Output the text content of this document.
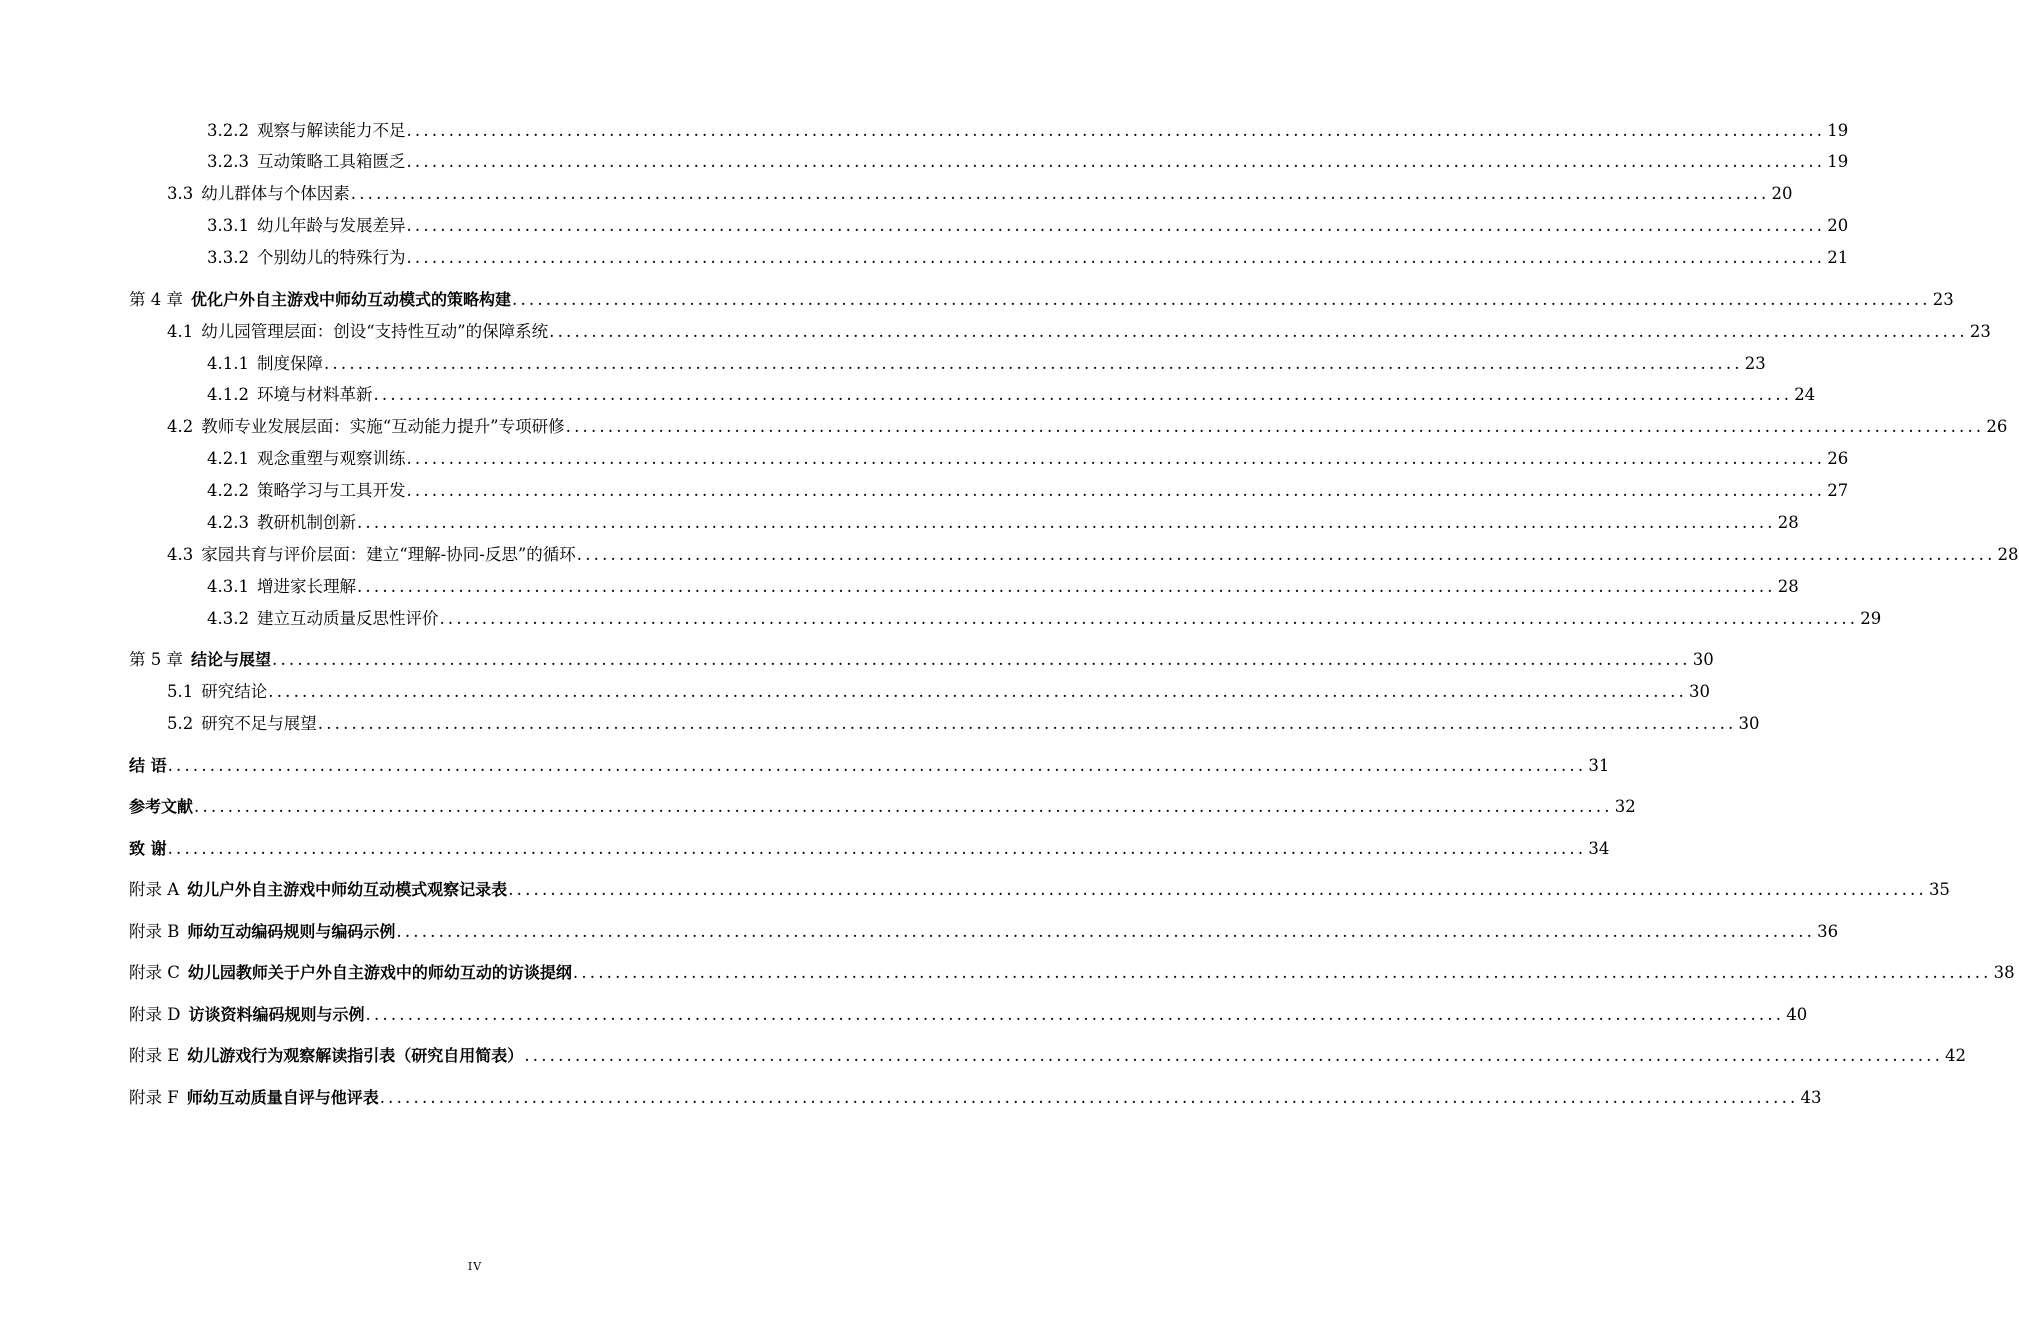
3.2.2 观察与解读能力不足 .....	19
3.2.3 互动策略工具箱匮乏 .....	19
3.3 幼儿群体与个体因素 .....	20
3.3.1 幼儿年龄与发展差异 .....	20
3.3.2 个别幼儿的特殊行为 .....	21
第 4 章 优化户外自主游戏中师幼互动模式的策略构建 .....	23
4.1 幼儿园管理层面：创设“支持性互动”的保障系统 .....	23
4.1.1 制度保障 .....	23
4.1.2 环境与材料革新 .....	24
4.2 教师专业发展层面：实施“互动能力提升”专项研修 .....	26
4.2.1 观念重塑与观察训练 .....	26
4.2.2 策略学习与工具开发 .....	27
4.2.3 教研机制创新 .....	28
4.3 家园共育与评价层面：建立“理解-协同-反思”的循环 .....	28
4.3.1 增进家长理解 .....	28
4.3.2 建立互动质量反思性评价 .....	29
第 5 章 结论与展望 .....	30
5.1 研究结论 .....	30
5.2 研究不足与展望 .....	30
结 语 .....	31
参考文献 .....	32
致 谢 .....	34
附录 A 幼儿户外自主游戏中师幼互动模式观察记录表 .....	35
附录 B 师幼互动编码规则与编码示例 .....	36
附录 C 幼儿园教师关于户外自主游戏中的师幼互动的访谈提纲 .....	38
附录 D 访谈资料编码规则与示例 .....	40
附录 E 幼儿游戏行为观察解读指引表（研究自用简表） .....	42
附录 F 师幼互动质量自评与他评表 .....	43
IV
